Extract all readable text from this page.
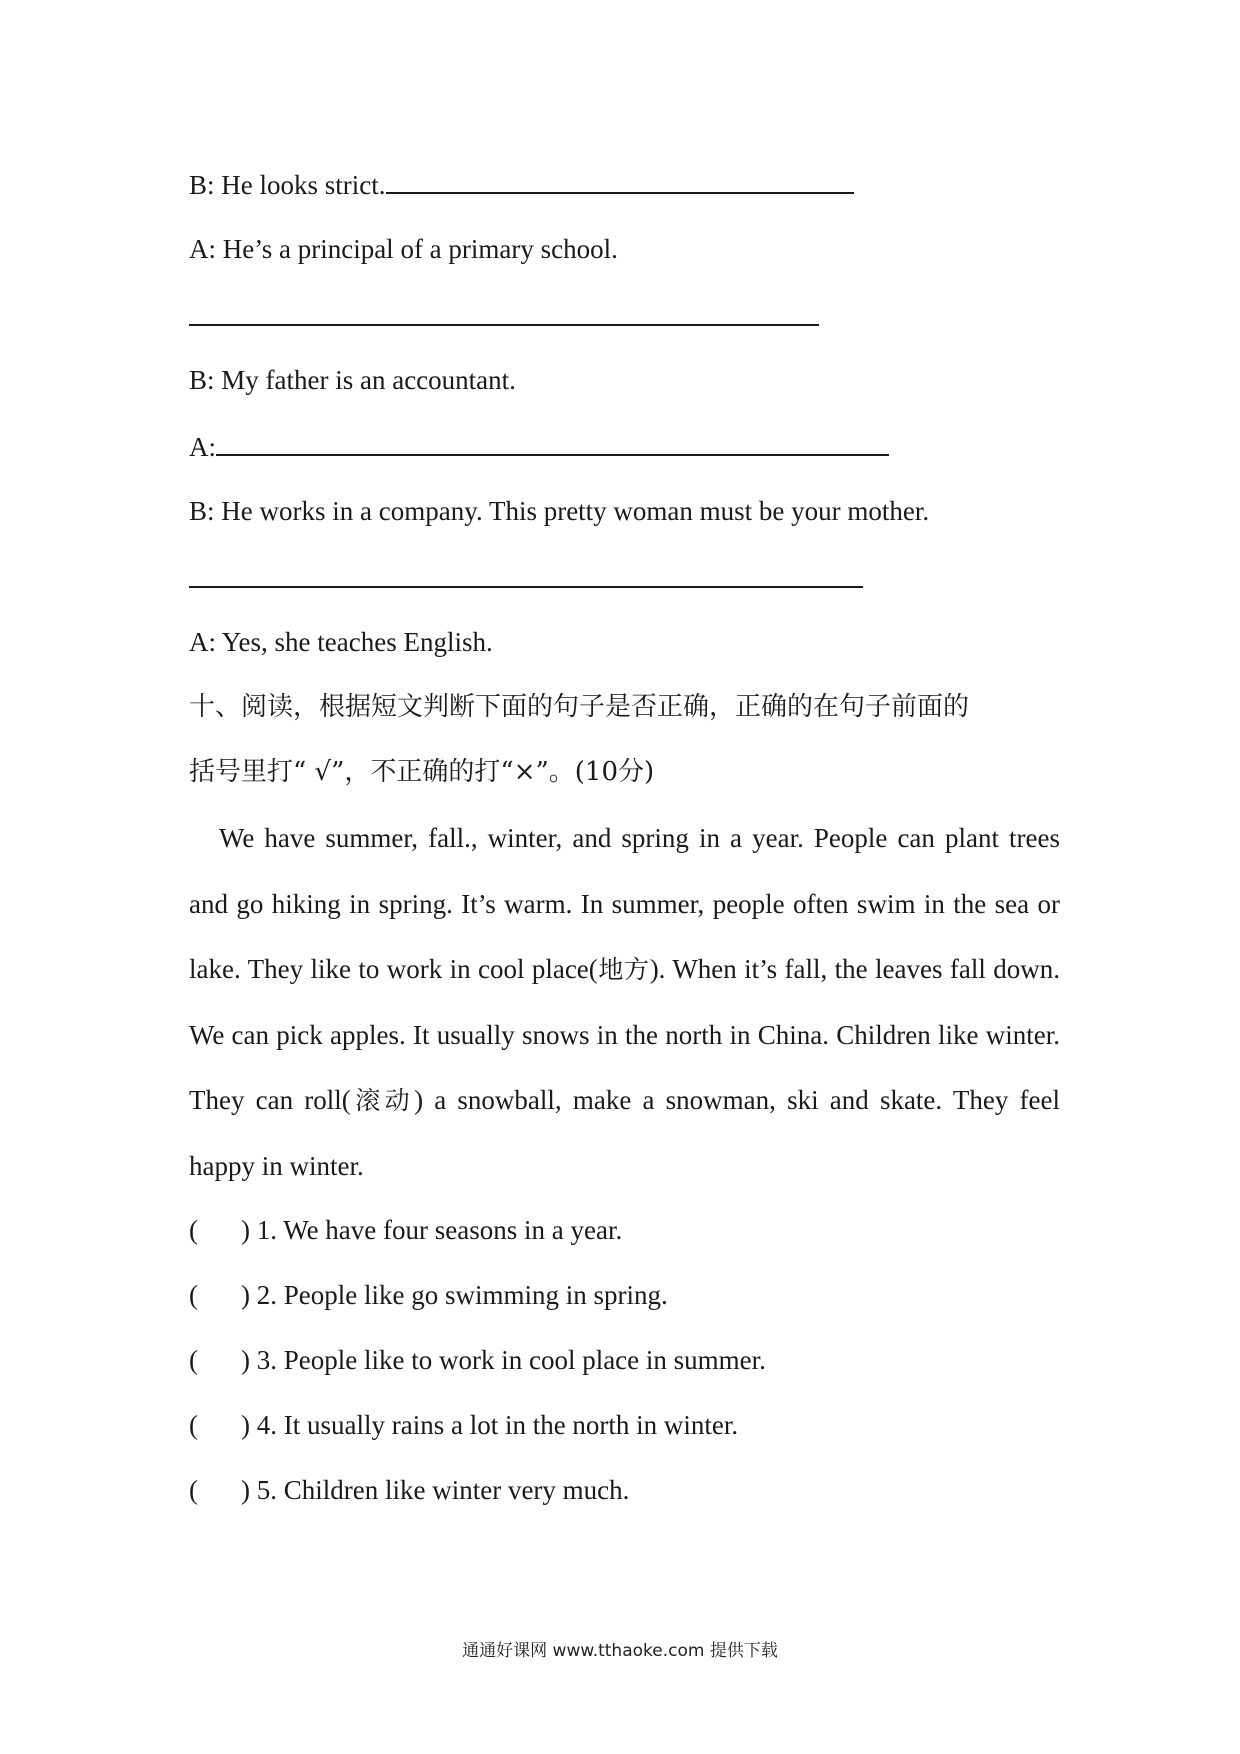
B: He looks strict.
A: He’s a principal of a primary school.
B: My father is an accountant.
A:
B: He works in a company. This pretty woman must be your mother.
A: Yes, she teaches English.
十、阅读，根据短文判断下面的句子是否正确，正确的在句子前面的
括号里打“ √”，不正确的打“×”。(10分)
We have summer, fall., winter, and spring in a year. People can plant trees and go hiking in spring. It’s warm. In summer, people often swim in the sea or lake. They like to work in cool place(地方). When it’s fall, the leaves fall down. We can pick apples. It usually snows in the north in China. Children like winter. They can roll(滚动) a snowball, make a snowman, ski and skate. They feel happy in winter.
( ) 1. We have four seasons in a year.
( ) 2. People like go swimming in spring.
( ) 3. People like to work in cool place in summer.
( ) 4. It usually rains a lot in the north in winter.
( ) 5. Children like winter very much.
通通好课网 www.tthaoke.com 提供下载
